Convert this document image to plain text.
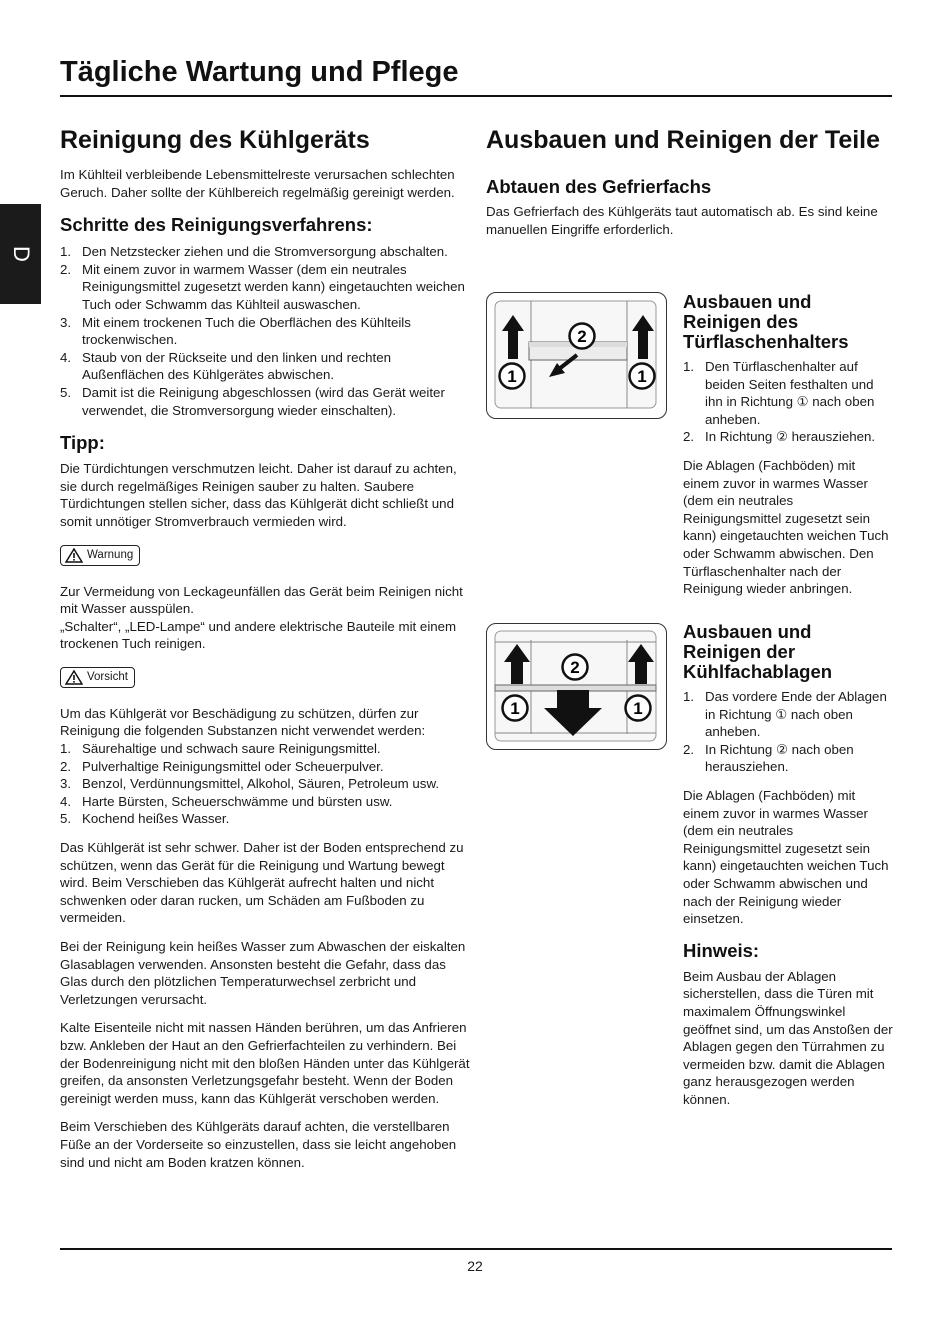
Tägliche Wartung und Pflege
D
Reinigung des Kühlgeräts

Im Kühlteil verbleibende Lebensmittelreste verursachen schlechten Geruch. Daher sollte der Kühlbereich regelmäßig gereinigt werden.

Schritte des Reinigungsverfahrens:
1. Den Netzstecker ziehen und die Stromversorgung abschalten.
2. Mit einem zuvor in warmem Wasser (dem ein neutrales Reinigungsmittel zugesetzt werden kann) eingetauchten weichen Tuch oder Schwamm das Kühlteil auswaschen.
3. Mit einem trockenen Tuch die Oberflächen des Kühlteils trockenwischen.
4. Staub von der Rückseite und den linken und rechten Außenflächen des Kühlgerätes abwischen.
5. Damit ist die Reinigung abgeschlossen (wird das Gerät weiter verwendet, die Stromversorgung wieder einschalten).
Tipp:

Die Türdichtungen verschmutzen leicht. Daher ist darauf zu achten, sie durch regelmäßiges Reinigen sauber zu halten. Saubere Türdichtungen stellen sicher, dass das Kühlgerät dicht schließt und somit unnötiger Stromverbrauch vermieden wird.

Warnung

Zur Vermeidung von Leckageunfällen das Gerät beim Reinigen nicht mit Wasser ausspülen.

„Schalter“, „LED-Lampe“ und andere elektrische Bauteile mit einem trockenen Tuch reinigen.

Vorsicht

Um das Kühlgerät vor Beschädigung zu schützen, dürfen zur Reinigung die folgenden Substanzen nicht verwendet werden:

1. Säurehaltige und schwach saure Reinigungsmittel.
2. Pulverhaltige Reinigungsmittel oder Scheuerpulver.
3. Benzol, Verdünnungsmittel, Alkohol, Säuren, Petroleum usw.
4. Harte Bürsten, Scheuerschwämme und bürsten usw.
5. Kochend heißes Wasser.

Das Kühlgerät ist sehr schwer. Daher ist der Boden entsprechend zu schützen, wenn das Gerät für die Reinigung und Wartung bewegt wird. Beim Verschieben das Kühlgerät aufrecht halten und nicht schwenken oder daran rucken, um Schäden am Fußboden zu vermeiden.

Bei der Reinigung kein heißes Wasser zum Abwaschen der eiskalten Glasablagen verwenden. Ansonsten besteht die Gefahr, dass das Glas durch den plötzlichen Temperaturwechsel zerbricht und Verletzungen verursacht.

Kalte Eisenteile nicht mit nassen Händen berühren, um das Anfrieren bzw. Ankleben der Haut an den Gefrierfachteilen zu verhindern. Bei der Bodenreinigung nicht mit den bloßen Händen unter das Kühlgerät greifen, da ansonsten Verletzungsgefahr besteht. Wenn der Boden gereinigt werden muss, kann das Kühlgerät verschoben werden.

Beim Verschieben des Kühlgeräts darauf achten, die verstellbaren Füße an der Vorderseite so einzustellen, dass sie leicht angehoben sind und nicht am Boden kratzen können.

Ausbauen und Reinigen der Teile
Abtauen des Gefrierfachs

Das Gefrierfach des Kühlgeräts taut automatisch ab. Es sind keine manuellen Eingriffe erforderlich.

1	1
2
Ausbauen und Reinigen des Türflaschenhalters
1. Den Türflaschenhalter auf beiden Seiten festhalten und ihn in Richtung ① nach oben anheben.
2. In Richtung ② herausziehen.

Die Ablagen (Fachböden) mit einem zuvor in warmes Wasser (dem ein neutrales Reinigungsmittel zugesetzt sein kann) eingetauchten weichen Tuch oder Schwamm abwischen. Den Türflaschenhalter nach der Reinigung wieder anbringen.

1	1
2
Ausbauen und Reinigen der Kühlfachablagen
1. Das vordere Ende der Ablagen in Richtung ① nach oben anheben.
2. In Richtung ② nach oben herausziehen.

Die Ablagen (Fachböden) mit einem zuvor in warmes Wasser (dem ein neutrales Reinigungsmittel zugesetzt sein kann) eingetauchten weichen Tuch oder Schwamm abwischen und nach der Reinigung wieder einsetzen.

Hinweis:

Beim Ausbau der Ablagen sicherstellen, dass die Türen mit maximalem Öffnungswinkel geöffnet sind, um das Anstoßen der Ablagen gegen den Türrahmen zu vermeiden bzw. damit die Ablagen ganz herausgezogen werden können.

22
